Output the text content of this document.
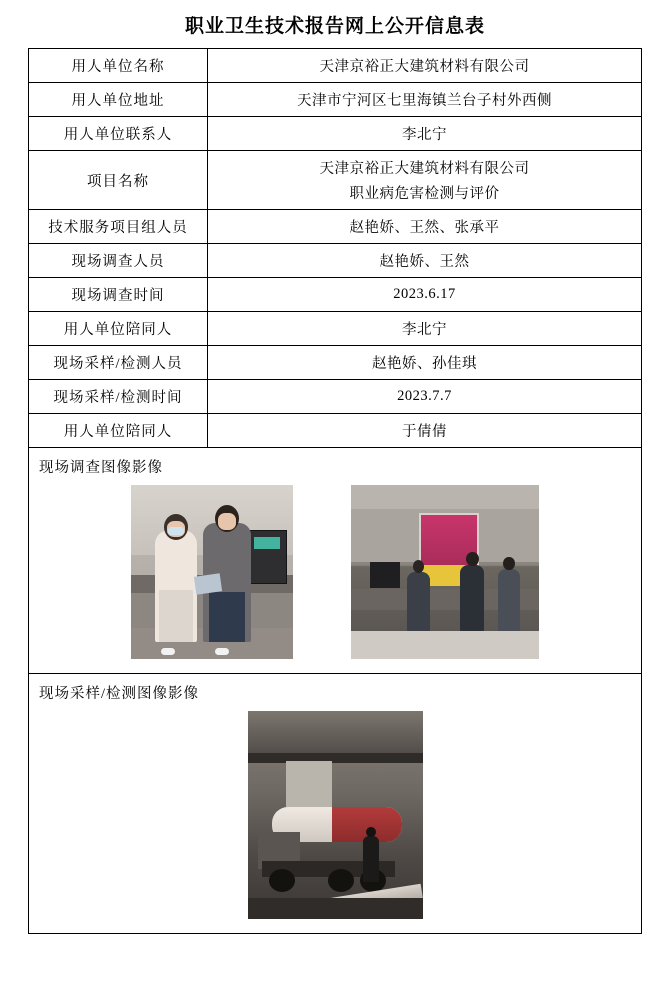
职业卫生技术报告网上公开信息表
用人单位名称	天津京裕正大建筑材料有限公司
用人单位地址	天津市宁河区七里海镇兰台子村外西侧
用人单位联系人	李北宁
项目名称	天津京裕正大建筑材料有限公司
职业病危害检测与评价

技术服务项目组人员	赵艳娇、王然、张承平
现场调查人员	赵艳娇、王然
现场调查时间	2023.6.17
用人单位陪同人	李北宁
现场采样/检测人员	赵艳娇、孙佳琪
现场采样/检测时间	2023.7.7
用人单位陪同人	于倩倩

现场调查图像影像	

现场采样/检测图像影像	
